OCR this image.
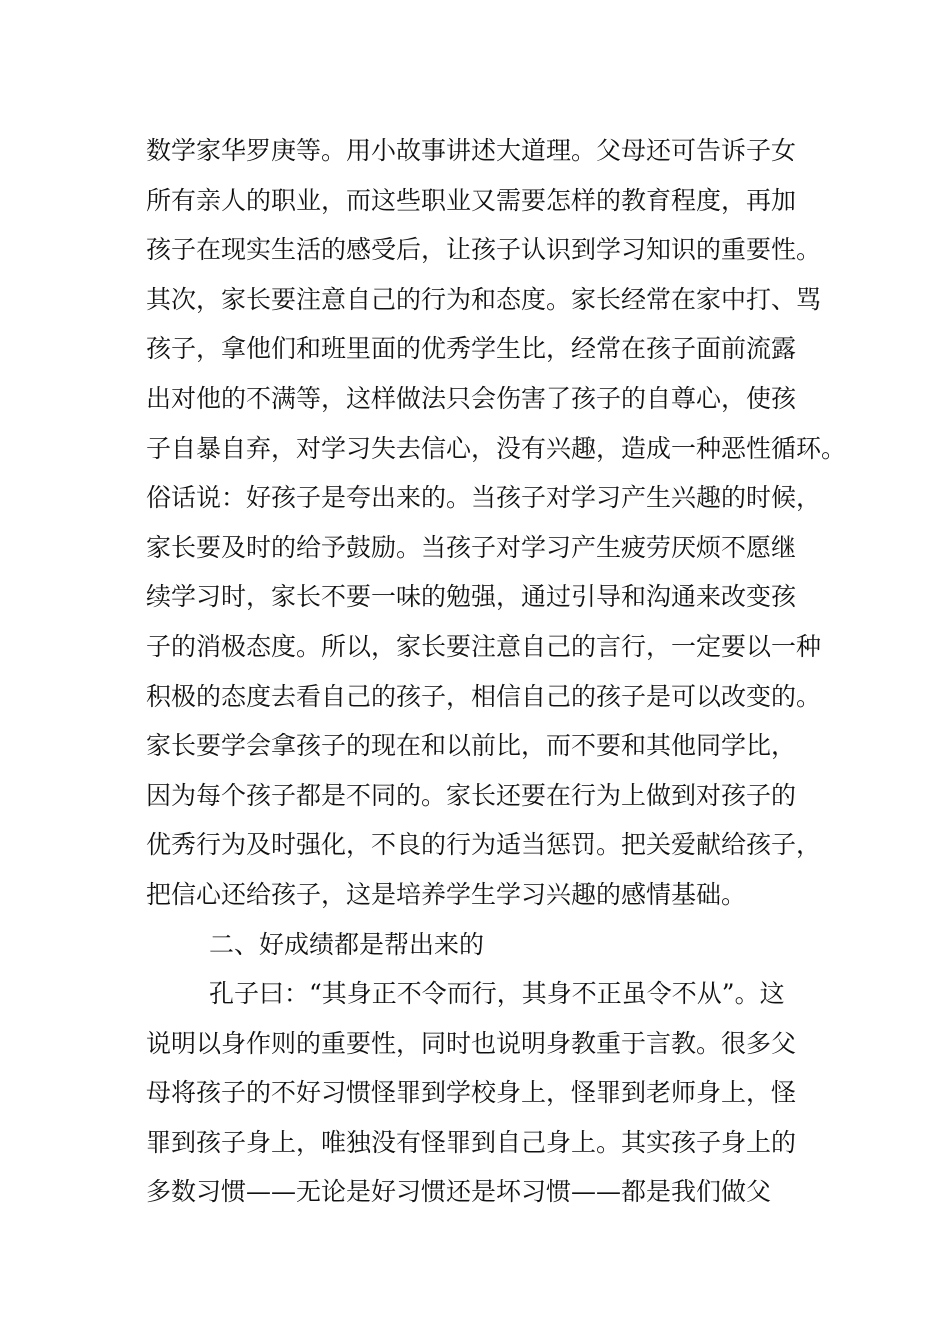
数学家华罗庚等。用小故事讲述大道理。父母还可告诉子女
所有亲人的职业，而这些职业又需要怎样的教育程度，再加
孩子在现实生活的感受后，让孩子认识到学习知识的重要性。
其次，家长要注意自己的行为和态度。家长经常在家中打、骂
孩子，拿他们和班里面的优秀学生比，经常在孩子面前流露
出对他的不满等，这样做法只会伤害了孩子的自尊心，使孩
子自暴自弃，对学习失去信心，没有兴趣，造成一种恶性循环。
俗话说：好孩子是夸出来的。当孩子对学习产生兴趣的时候，
家长要及时的给予鼓励。当孩子对学习产生疲劳厌烦不愿继
续学习时，家长不要一味的勉强，通过引导和沟通来改变孩
子的消极态度。所以，家长要注意自己的言行，一定要以一种
积极的态度去看自己的孩子，相信自己的孩子是可以改变的。
家长要学会拿孩子的现在和以前比，而不要和其他同学比，
因为每个孩子都是不同的。家长还要在行为上做到对孩子的
优秀行为及时强化，不良的行为适当惩罚。把关爱献给孩子，
把信心还给孩子，这是培养学生学习兴趣的感情基础。
二、好成绩都是帮出来的
孔子曰：“其身正不令而行，其身不正虽令不从”。这
说明以身作则的重要性，同时也说明身教重于言教。很多父
母将孩子的不好习惯怪罪到学校身上，怪罪到老师身上，怪
罪到孩子身上，唯独没有怪罪到自己身上。其实孩子身上的
多数习惯——无论是好习惯还是坏习惯——都是我们做父
